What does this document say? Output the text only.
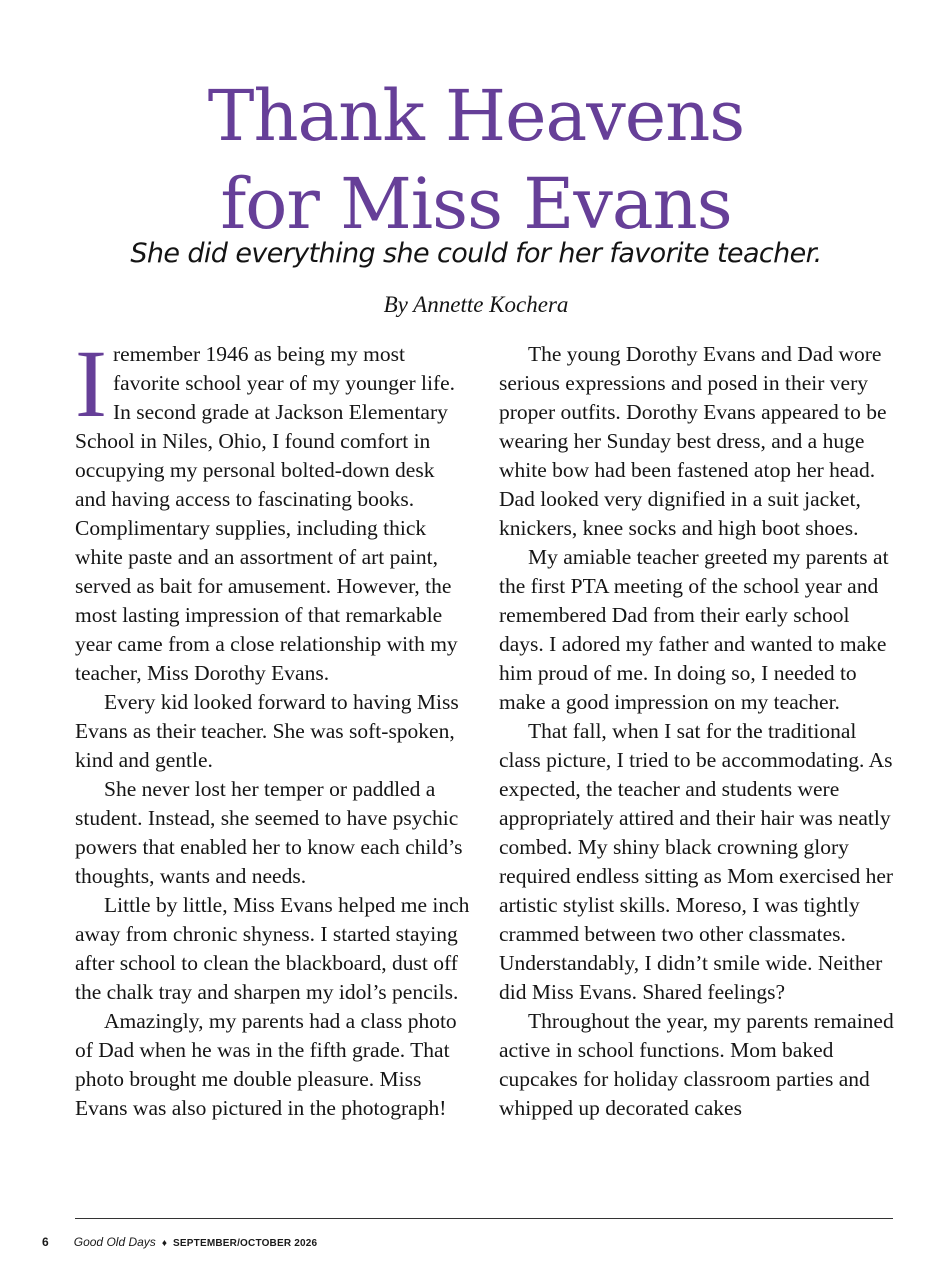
Thank Heavens
for Miss Evans
She did everything she could for her favorite teacher.
By Annette Kochera
I remember 1946 as being my most favorite school year of my younger life. In second grade at Jackson Elementary School in Niles, Ohio, I found comfort in occupying my personal bolted-down desk and having access to fascinating books. Complimentary supplies, including thick white paste and an assortment of art paint, served as bait for amusement. However, the most lasting impression of that remarkable year came from a close relationship with my teacher, Miss Dorothy Evans.

Every kid looked forward to having Miss Evans as their teacher. She was soft-spoken, kind and gentle.

She never lost her temper or paddled a student. Instead, she seemed to have psychic powers that enabled her to know each child’s thoughts, wants and needs.

Little by little, Miss Evans helped me inch away from chronic shyness. I started staying after school to clean the blackboard, dust off the chalk tray and sharpen my idol’s pencils.

Amazingly, my parents had a class photo of Dad when he was in the fifth grade. That photo brought me double pleasure. Miss Evans was also pictured in the photograph!

The young Dorothy Evans and Dad wore serious expressions and posed in their very proper outfits. Dorothy Evans appeared to be wearing her Sunday best dress, and a huge white bow had been fastened atop her head. Dad looked very dignified in a suit jacket, knickers, knee socks and high boot shoes.

My amiable teacher greeted my parents at the first PTA meeting of the school year and remembered Dad from their early school days. I adored my father and wanted to make him proud of me. In doing so, I needed to make a good impression on my teacher.

That fall, when I sat for the traditional class picture, I tried to be accommodating. As expected, the teacher and students were appropriately attired and their hair was neatly combed. My shiny black crowning glory required endless sitting as Mom exercised her artistic stylist skills. Moreso, I was tightly crammed between two other classmates. Understandably, I didn’t smile wide. Neither did Miss Evans. Shared feelings?

Throughout the year, my parents remained active in school functions. Mom baked cupcakes for holiday classroom parties and whipped up decorated cakes

6 Good Old Days ♦ SEPTEMBER/OCTOBER 2026
